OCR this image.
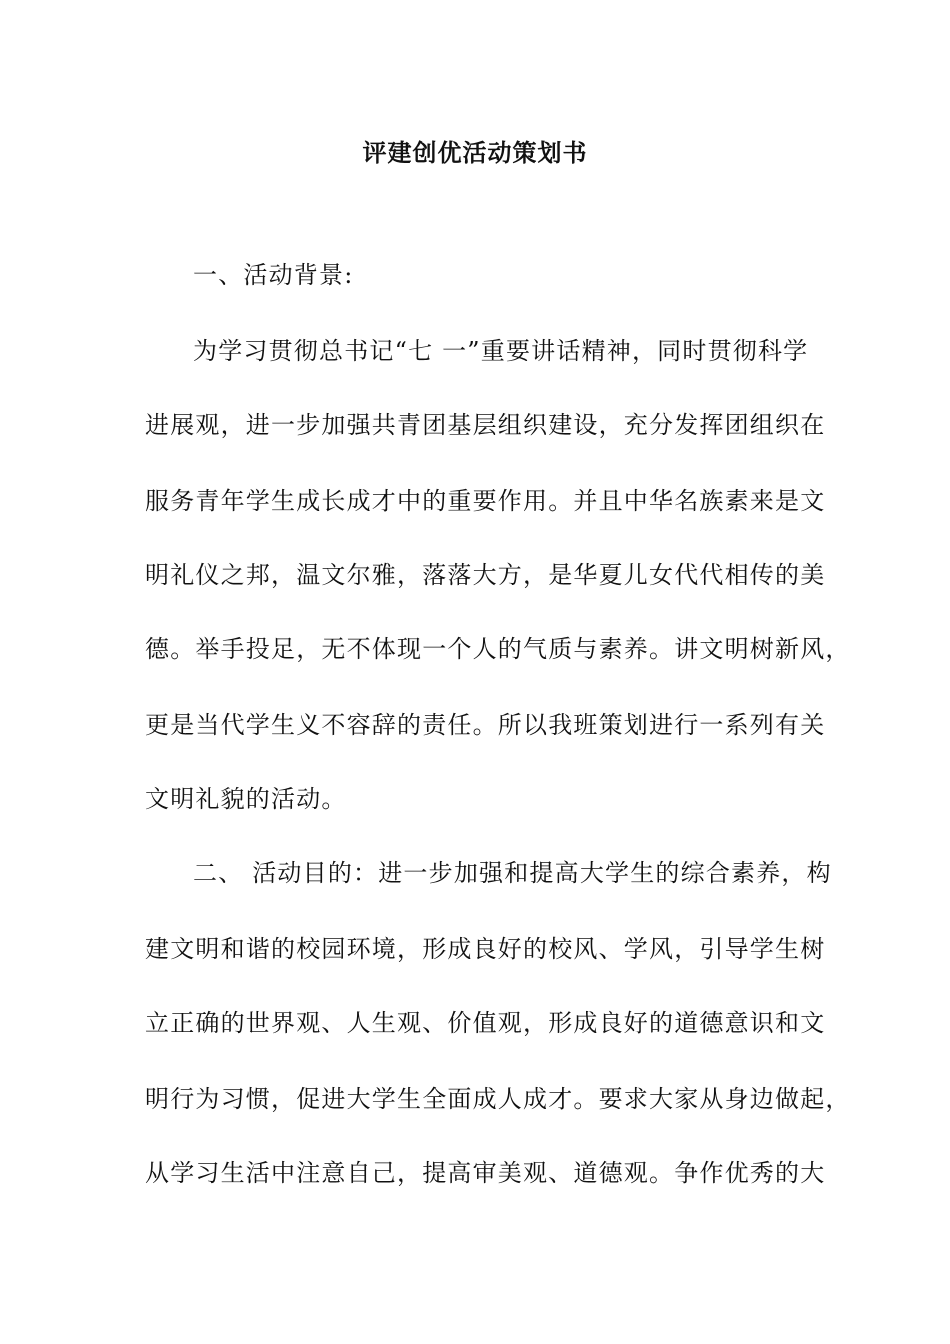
评建创优活动策划书
一、活动背景:
为学习贯彻总书记“七 一”重要讲话精神，同时贯彻科学
进展观，进一步加强共青团基层组织建设，充分发挥团组织在
服务青年学生成长成才中的重要作用。并且中华名族素来是文
明礼仪之邦，温文尔雅，落落大方，是华夏儿女代代相传的美
德。举手投足，无不体现一个人的气质与素养。讲文明树新风，
更是当代学生义不容辞的责任。所以我班策划进行一系列有关
文明礼貌的活动。
二、 活动目的：进一步加强和提高大学生的综合素养，构
建文明和谐的校园环境，形成良好的校风、学风，引导学生树
立正确的世界观、人生观、价值观，形成良好的道德意识和文
明行为习惯，促进大学生全面成人成才。要求大家从身边做起，
从学习生活中注意自己，提高审美观、道德观。争作优秀的大
